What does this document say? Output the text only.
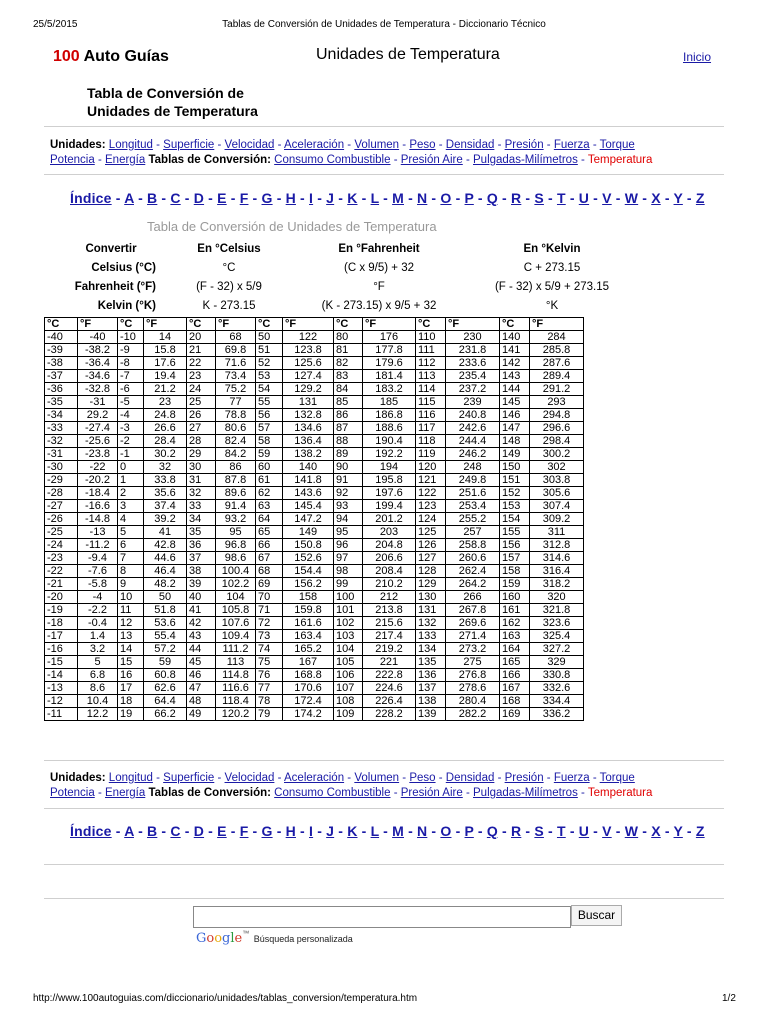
25/5/2015	Tablas de Conversión de Unidades de Temperatura - Diccionario Técnico
100 Auto Guías	Unidades de Temperatura	Inicio
Tabla de Conversión de
Unidades de Temperatura
Unidades: Longitud - Superficie - Velocidad - Aceleración - Volumen - Peso - Densidad - Presión - Fuerza - Torque
Potencia - Energía Tablas de Conversión: Consumo Combustible - Presión Aire - Pulgadas-Milímetros - Temperatura
Índice - A - B - C - D - E - F - G - H - I - J - K - L - M - N - O - P - Q - R - S - T - U - V - W - X - Y - Z
Tabla de Conversión de Unidades de Temperatura
Convertir	En °Celsius	En °Fahrenheit	En °Kelvin
Celsius (°C)	°C	(C x 9/5) + 32	C + 273.15
Fahrenheit (°F)	(F - 32) x 5/9	°F	(F - 32) x 5/9 + 273.15
Kelvin (°K)	K - 273.15	(K - 273.15) x 9/5 + 32	°K
°C	°F	°C	°F	°C	°F	°C	°F	°C	°F	°C	°F	°C	°F
-40	-40	-10	14	20	68	50	122	80	176	110	230	140	284
-39	-38.2	-9	15.8	21	69.8	51	123.8	81	177.8	111	231.8	141	285.8
-38	-36.4	-8	17.6	22	71.6	52	125.6	82	179.6	112	233.6	142	287.6
-37	-34.6	-7	19.4	23	73.4	53	127.4	83	181.4	113	235.4	143	289.4
-36	-32.8	-6	21.2	24	75.2	54	129.2	84	183.2	114	237.2	144	291.2
-35	-31	-5	23	25	77	55	131	85	185	115	239	145	293
-34	29.2	-4	24.8	26	78.8	56	132.8	86	186.8	116	240.8	146	294.8
-33	-27.4	-3	26.6	27	80.6	57	134.6	87	188.6	117	242.6	147	296.6
-32	-25.6	-2	28.4	28	82.4	58	136.4	88	190.4	118	244.4	148	298.4
-31	-23.8	-1	30.2	29	84.2	59	138.2	89	192.2	119	246.2	149	300.2
-30	-22	0	32	30	86	60	140	90	194	120	248	150	302
-29	-20.2	1	33.8	31	87.8	61	141.8	91	195.8	121	249.8	151	303.8
-28	-18.4	2	35.6	32	89.6	62	143.6	92	197.6	122	251.6	152	305.6
-27	-16.6	3	37.4	33	91.4	63	145.4	93	199.4	123	253.4	153	307.4
-26	-14.8	4	39.2	34	93.2	64	147.2	94	201.2	124	255.2	154	309.2
-25	-13	5	41	35	95	65	149	95	203	125	257	155	311
-24	-11.2	6	42.8	36	96.8	66	150.8	96	204.8	126	258.8	156	312.8
-23	-9.4	7	44.6	37	98.6	67	152.6	97	206.6	127	260.6	157	314.6
-22	-7.6	8	46.4	38	100.4	68	154.4	98	208.4	128	262.4	158	316.4
-21	-5.8	9	48.2	39	102.2	69	156.2	99	210.2	129	264.2	159	318.2
-20	-4	10	50	40	104	70	158	100	212	130	266	160	320
-19	-2.2	11	51.8	41	105.8	71	159.8	101	213.8	131	267.8	161	321.8
-18	-0.4	12	53.6	42	107.6	72	161.6	102	215.6	132	269.6	162	323.6
-17	1.4	13	55.4	43	109.4	73	163.4	103	217.4	133	271.4	163	325.4
-16	3.2	14	57.2	44	111.2	74	165.2	104	219.2	134	273.2	164	327.2
-15	5	15	59	45	113	75	167	105	221	135	275	165	329
-14	6.8	16	60.8	46	114.8	76	168.8	106	222.8	136	276.8	166	330.8
-13	8.6	17	62.6	47	116.6	77	170.6	107	224.6	137	278.6	167	332.6
-12	10.4	18	64.4	48	118.4	78	172.4	108	226.4	138	280.4	168	334.4
-11	12.2	19	66.2	49	120.2	79	174.2	109	228.2	139	282.2	169	336.2
Unidades: Longitud - Superficie - Velocidad - Aceleración - Volumen - Peso - Densidad - Presión - Fuerza - Torque
Potencia - Energía Tablas de Conversión: Consumo Combustible - Presión Aire - Pulgadas-Milímetros - Temperatura
Índice - A - B - C - D - E - F - G - H - I - J - K - L - M - N - O - P - Q - R - S - T - U - V - W - X - Y - Z
Buscar
Google™ Búsqueda personalizada
http://www.100autoguias.com/diccionario/unidades/tablas_conversion/temperatura.htm	1/2
